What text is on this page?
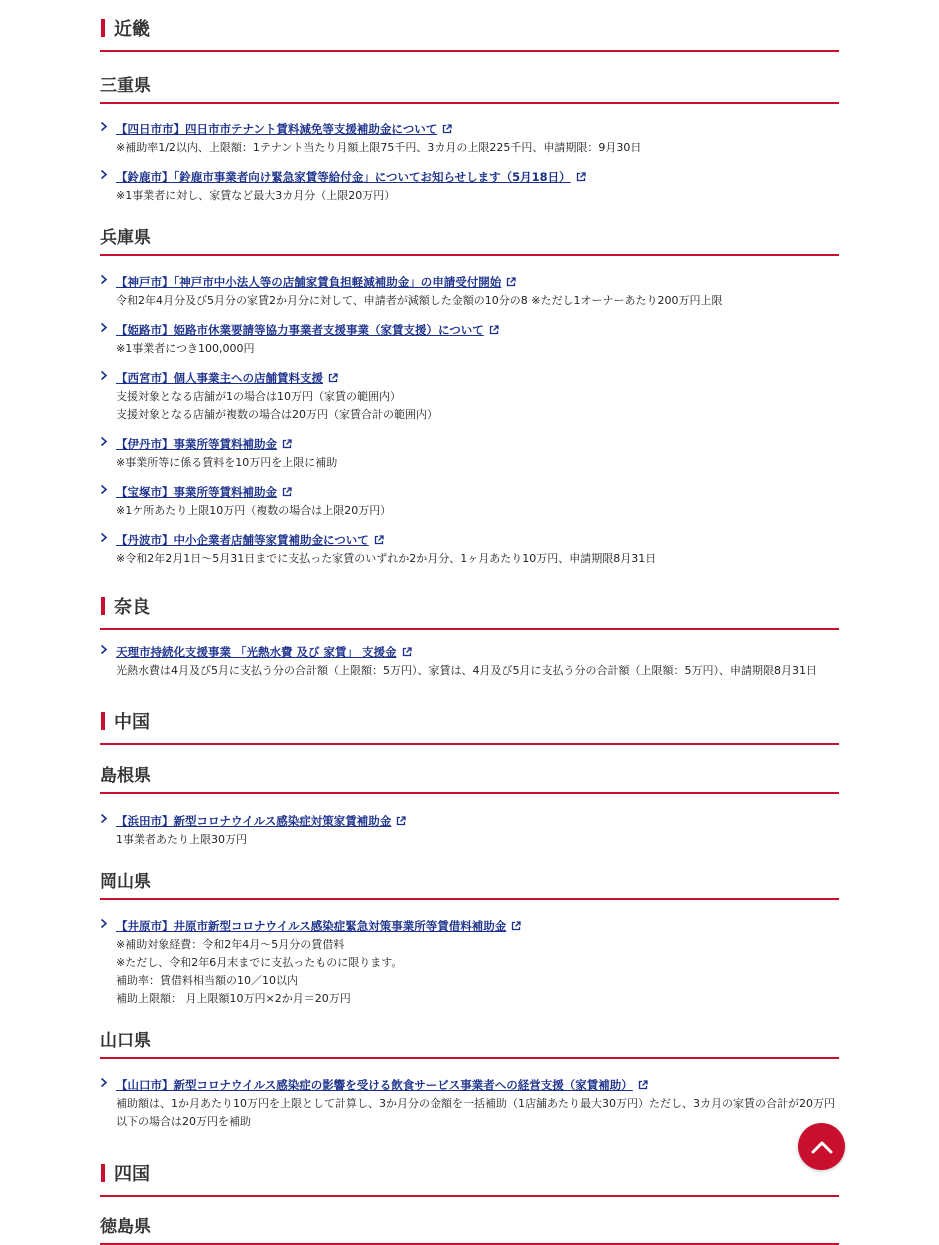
近畿
三重県
【四日市市】四日市市テナント賃料減免等支援補助金について
※補助率1/2以内、上限額：1テナント当たり月額上限75千円、3カ月の上限225千円、申請期限：9月30日
【鈴鹿市】「鈴鹿市事業者向け緊急家賃等給付金」についてお知らせします（5月18日）
※1事業者に対し、家賃など最大3カ月分（上限20万円）
兵庫県
【神戸市】「神戸市中小法人等の店舗家賃負担軽減補助金」の申請受付開始
令和2年4月分及び5月分の家賃2か月分に対して、申請者が減額した金額の10分の8 ※ただし1オーナーあたり200万円上限
【姫路市】姫路市休業要請等協力事業者支援事業（家賃支援）について
※1事業者につき100,000円
【西宮市】個人事業主への店舗賃料支援
支援対象となる店舗が1の場合は10万円（家賃の範囲内）
支援対象となる店舗が複数の場合は20万円（家賃合計の範囲内）
【伊丹市】事業所等賃料補助金
※事業所等に係る賃料を10万円を上限に補助
【宝塚市】事業所等賃料補助金
※1ケ所あたり上限10万円（複数の場合は上限20万円）
【丹波市】中小企業者店舗等家賃補助金について
※令和2年2月1日〜5月31日までに支払った家賃のいずれか2か月分、1ヶ月あたり10万円、申請期限8月31日
奈良
天理市持続化支援事業 「光熱水費 及び 家賃」 支援金
光熱水費は4月及び5月に支払う分の合計額（上限額：5万円）、家賃は、4月及び5月に支払う分の合計額（上限額：5万円）、申請期限8月31日
中国
島根県
【浜田市】新型コロナウイルス感染症対策家賃補助金
1事業者あたり上限30万円
岡山県
【井原市】井原市新型コロナウイルス感染症緊急対策事業所等賃借料補助金
※補助対象経費：令和2年4月〜5月分の賃借料
※ただし、令和2年6月末までに支払ったものに限ります。
補助率：賃借料相当額の10／10以内
補助上限額： 月上限額10万円×2か月＝20万円
山口県
【山口市】新型コロナウイルス感染症の影響を受ける飲食サービス事業者への経営支援（家賃補助）
補助額は、1か月あたり10万円を上限として計算し、3か月分の金額を一括補助（1店舗あたり最大30万円）ただし、3カ月の家賃の合計が20万円以下の場合は20万円を補助
四国
徳島県
